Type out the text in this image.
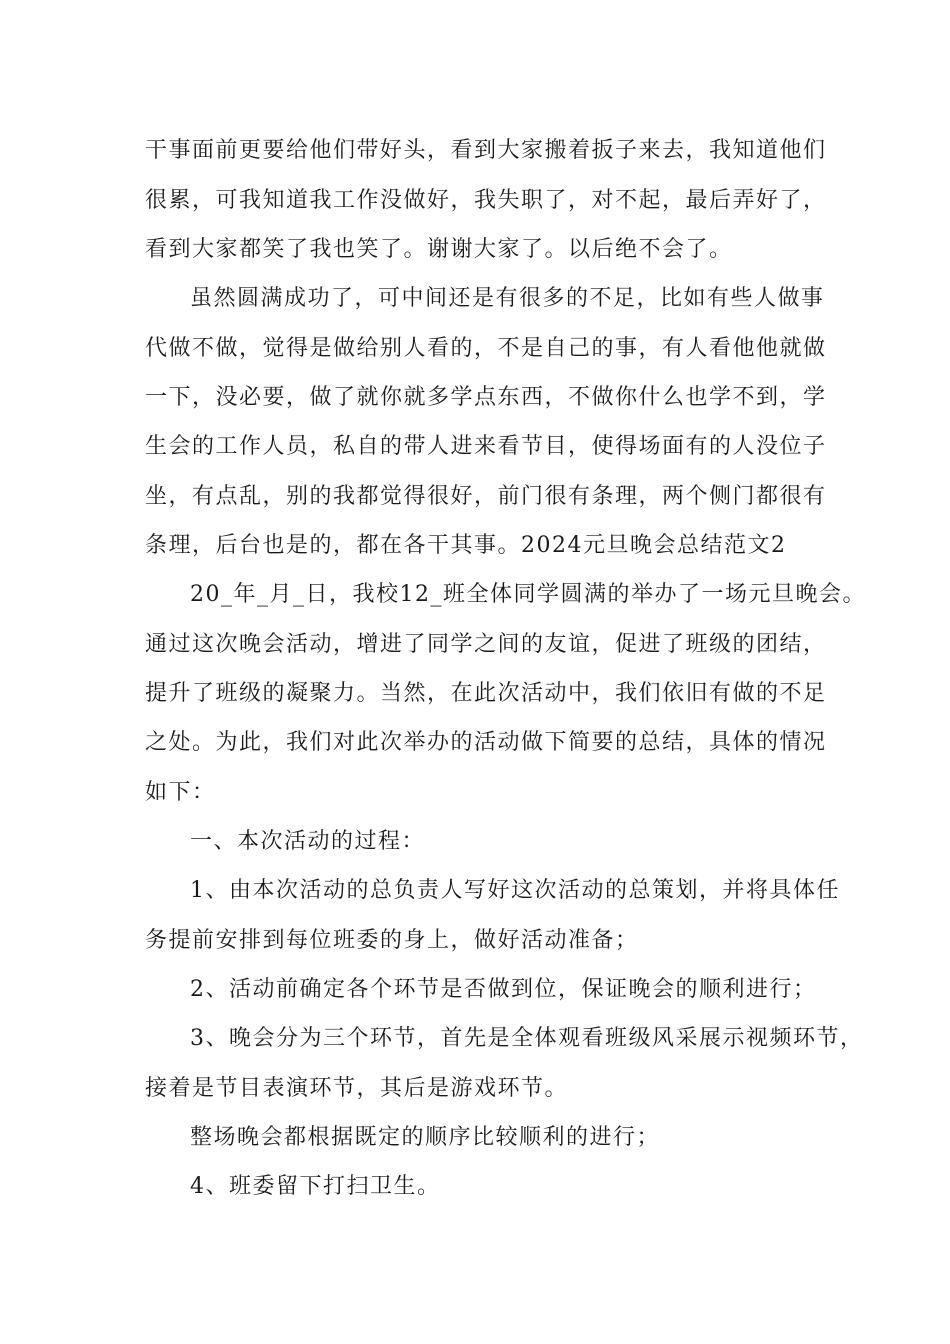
干事面前更要给他们带好头，看到大家搬着扳子来去，我知道他们

很累，可我知道我工作没做好，我失职了，对不起，最后弄好了，

看到大家都笑了我也笑了。谢谢大家了。以后绝不会了。

虽然圆满成功了，可中间还是有很多的不足，比如有些人做事

代做不做，觉得是做给别人看的，不是自己的事，有人看他他就做

一下，没必要，做了就你就多学点东西，不做你什么也学不到，学

生会的工作人员，私自的带人进来看节目，使得场面有的人没位子

坐，有点乱，别的我都觉得很好，前门很有条理，两个侧门都很有

条理，后台也是的，都在各干其事。2024元旦晚会总结范文2

20_年_月_日，我校12_班全体同学圆满的举办了一场元旦晚会。

通过这次晚会活动，增进了同学之间的友谊，促进了班级的团结，

提升了班级的凝聚力。当然，在此次活动中，我们依旧有做的不足

之处。为此，我们对此次举办的活动做下简要的总结，具体的情况

如下：

一、本次活动的过程：

1、由本次活动的总负责人写好这次活动的总策划，并将具体任

务提前安排到每位班委的身上，做好活动准备；

2、活动前确定各个环节是否做到位，保证晚会的顺利进行；

3、晚会分为三个环节，首先是全体观看班级风采展示视频环节，

接着是节目表演环节，其后是游戏环节。

整场晚会都根据既定的顺序比较顺利的进行；

4、班委留下打扫卫生。
